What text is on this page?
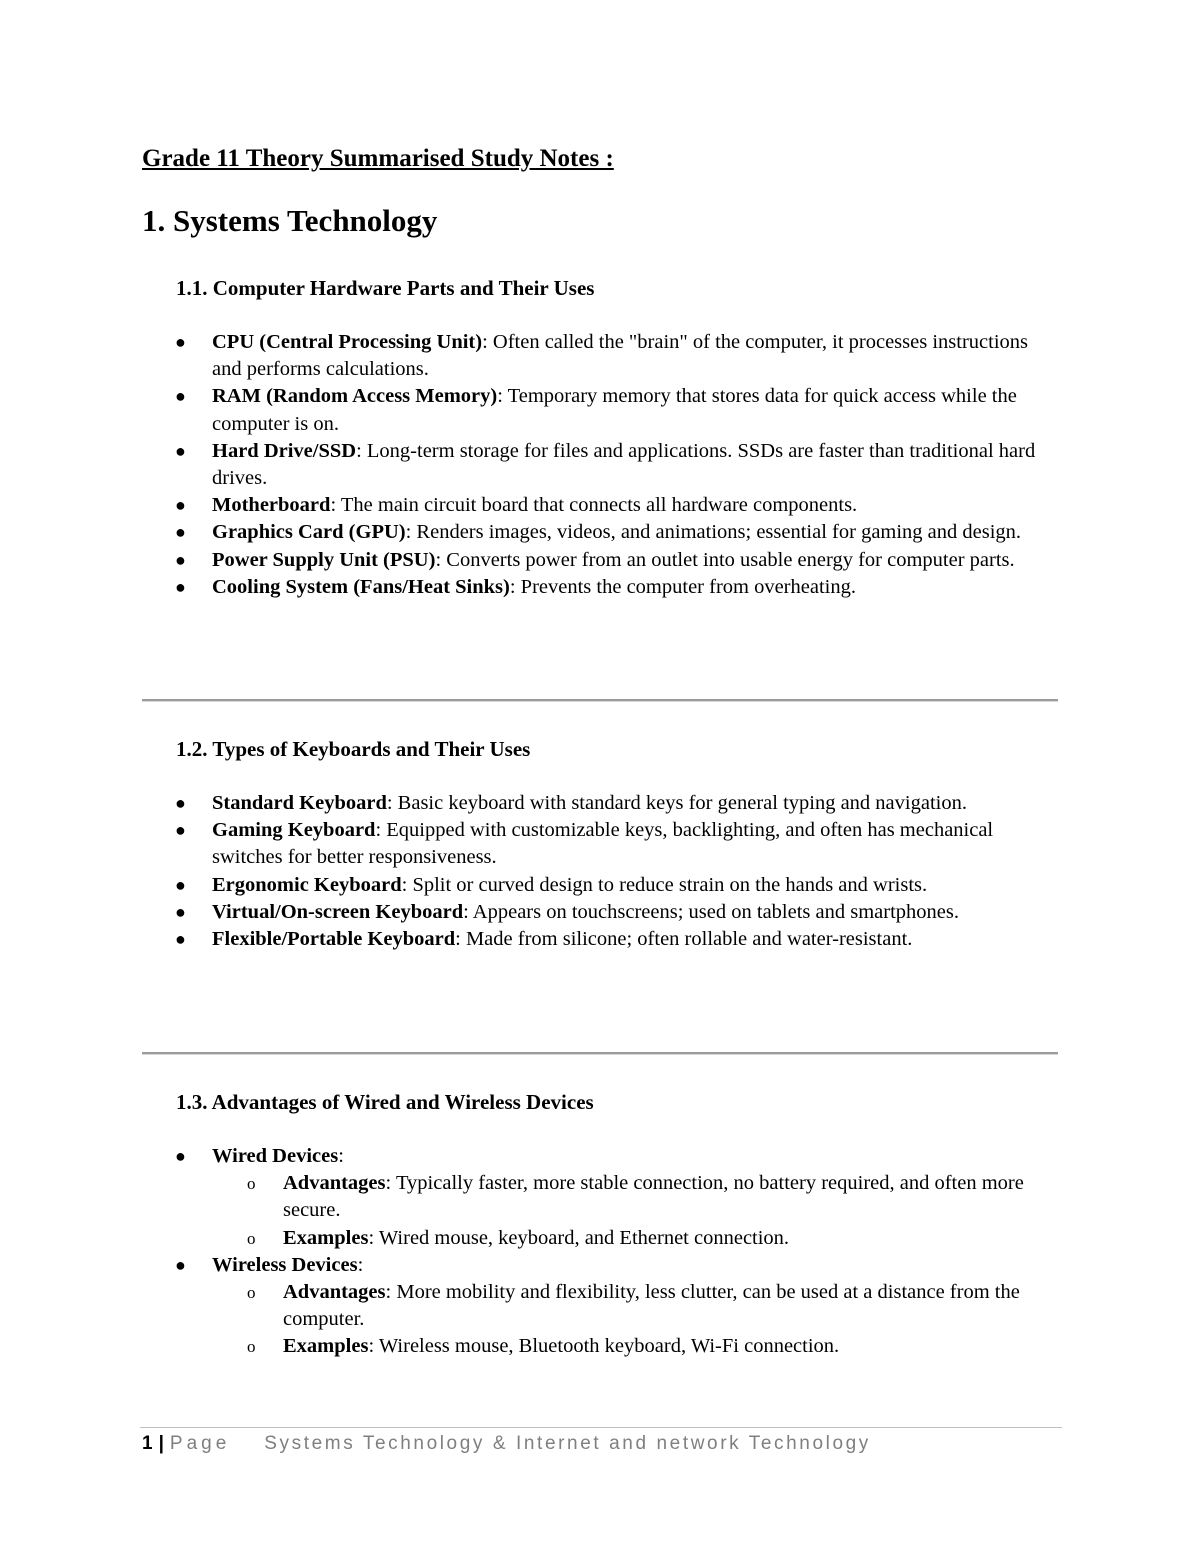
Grade 11 Theory Summarised Study Notes :
1. Systems Technology
1.1. Computer Hardware Parts and Their Uses
● CPU (Central Processing Unit): Often called the "brain" of the computer, it processes instructions and performs calculations.
● RAM (Random Access Memory): Temporary memory that stores data for quick access while the computer is on.
● Hard Drive/SSD: Long-term storage for files and applications. SSDs are faster than traditional hard drives.
● Motherboard: The main circuit board that connects all hardware components.
● Graphics Card (GPU): Renders images, videos, and animations; essential for gaming and design.
● Power Supply Unit (PSU): Converts power from an outlet into usable energy for computer parts.
● Cooling System (Fans/Heat Sinks): Prevents the computer from overheating.
1.2. Types of Keyboards and Their Uses
● Standard Keyboard: Basic keyboard with standard keys for general typing and navigation.
● Gaming Keyboard: Equipped with customizable keys, backlighting, and often has mechanical switches for better responsiveness.
● Ergonomic Keyboard: Split or curved design to reduce strain on the hands and wrists.
● Virtual/On-screen Keyboard: Appears on touchscreens; used on tablets and smartphones.
● Flexible/Portable Keyboard: Made from silicone; often rollable and water-resistant.
1.3. Advantages of Wired and Wireless Devices
● Wired Devices:
o Advantages: Typically faster, more stable connection, no battery required, and often more secure.
o Examples: Wired mouse, keyboard, and Ethernet connection.
● Wireless Devices:
o Advantages: More mobility and flexibility, less clutter, can be used at a distance from the computer.
o Examples: Wireless mouse, Bluetooth keyboard, Wi-Fi connection.
1 | Page Systems Technology & Internet and network Technology
